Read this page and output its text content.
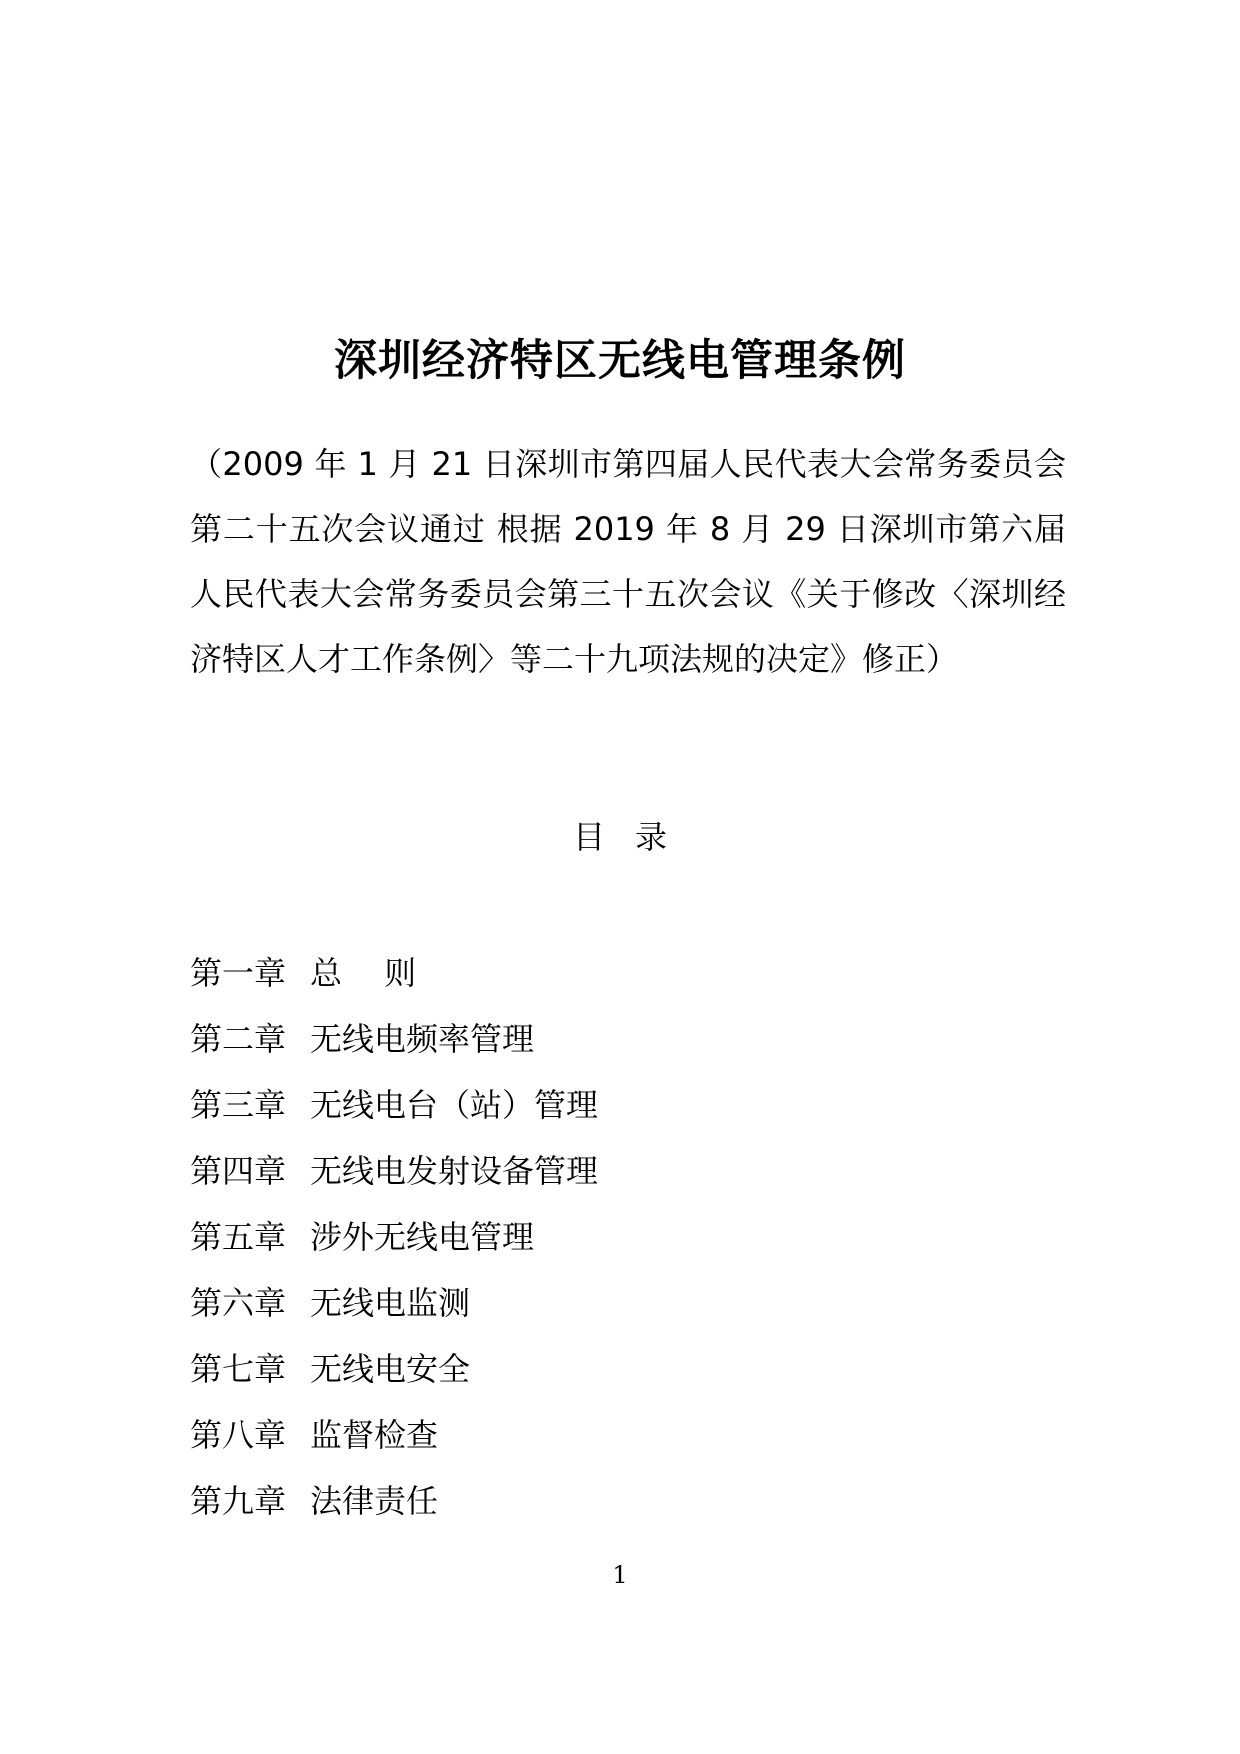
深圳经济特区无线电管理条例

（2009 年 1 月 21 日深圳市第四届人民代表大会常务委员会第二十五次会议通过 根据 2019 年 8 月 29 日深圳市第六届人民代表大会常务委员会第三十五次会议《关于修改〈深圳经济特区人才工作条例〉等二十九项法规的决定》修正）

目 录
第一章 总　 则
第二章 无线电频率管理
第三章 无线电台（站）管理
第四章 无线电发射设备管理
第五章 涉外无线电管理
第六章 无线电监测
第七章 无线电安全
第八章 监督检查
第九章 法律责任
1
